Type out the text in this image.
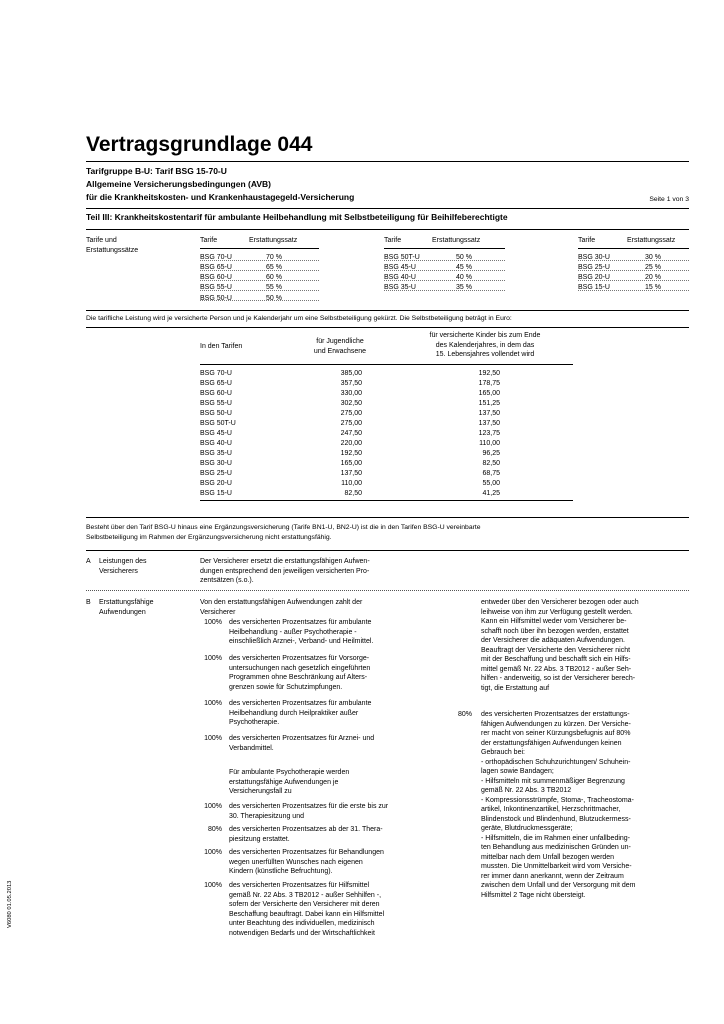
Vertragsgrundlage 044
Tarifgruppe B-U: Tarif BSG 15-70-U
Allgemeine Versicherungsbedingungen (AVB)
für die Krankheitskosten- und Krankenhaustagegeld-Versicherung	Seite 1 von 3
Teil III: Krankheitskostentarif für ambulante Heilbehandlung mit Selbstbeteiligung für Beihilfeberechtigte
Tarife und
Erstattungssätze
Tarife	Erstattungssatz	Tarife	Erstattungssatz	Tarife	Erstattungssatz
BSG 70-U	70 %
BSG 65-U	65 %
BSG 60-U	60 %
BSG 55-U	55 %
BSG 50-U	50 %
BSG 50T-U	50 %
BSG 45-U	45 %
BSG 40-U	40 %
BSG 35-U	35 %
BSG 30-U	30 %
BSG 25-U	25 %
BSG 20-U	20 %
BSG 15-U	15 %
Die tarifliche Leistung wird je versicherte Person und je Kalenderjahr um eine Selbstbeteiligung gekürzt. Die Selbstbeteiligung beträgt in Euro:
In den Tarifen
für Jugendliche
und Erwachsene
für versicherte Kinder bis zum Ende
des Kalenderjahres, in dem das
15. Lebensjahres vollendet wird
BSG 70-U	385,00	192,50
BSG 65-U	357,50	178,75
BSG 60-U	330,00	165,00
BSG 55-U	302,50	151,25
BSG 50-U	275,00	137,50
BSG 50T-U	275,00	137,50
BSG 45-U	247,50	123,75
BSG 40-U	220,00	110,00
BSG 35-U	192,50	96,25
BSG 30-U	165,00	82,50
BSG 25-U	137,50	68,75
BSG 20-U	110,00	55,00
BSG 15-U	82,50	41,25
Besteht über den Tarif BSG-U hinaus eine Ergänzungsversicherung (Tarife BN1-U, BN2-U) ist die in den Tarifen BSG-U vereinbarte
Selbstbeteiligung im Rahmen der Ergänzungsversicherung nicht erstattungsfähig.
A Leistungen des
Versicherers
Der Versicherer ersetzt die erstattungsfähigen Aufwen-
dungen entsprechend den jeweiligen versicherten Pro-
zentsätzen (s.o.).
B Erstattungsfähige
Aufwendungen
Von den erstattungsfähigen Aufwendungen zahlt der
Versicherer
100% des versicherten Prozentsatzes für ambulante
Heilbehandlung - außer Psychotherapie -
einschließlich Arznei-, Verband- und Heilmittel.
100% des versicherten Prozentsatzes für Vorsorge-
untersuchungen nach gesetzlich eingeführten
Programmen ohne Beschränkung auf Alters-
grenzen sowie für Schutzimpfungen.
100% des versicherten Prozentsatzes für ambulante
Heilbehandlung durch Heilpraktiker außer
Psychotherapie.
100% des versicherten Prozentsatzes für Arznei- und
Verbandmittel.
Für ambulante Psychotherapie werden
erstattungsfähige Aufwendungen je
Versicherungsfall zu
100% des versicherten Prozentsatzes für die erste bis zur
30. Therapiesitzung und
80% des versicherten Prozentsatzes ab der 31. Thera-
piesitzung erstattet.
100% des versicherten Prozentsatzes für Behandlungen
wegen unerfüllten Wunsches nach eigenen
Kindern (künstliche Befruchtung).
100% des versicherten Prozentsatzes für Hilfsmittel
gemäß Nr. 22 Abs. 3 TB2012 - außer Sehhilfen -,
sofern der Versicherte den Versicherer mit deren
Beschaffung beauftragt. Dabei kann ein Hilfsmittel
unter Beachtung des individuellen, medizinisch
notwendigen Bedarfs und der Wirtschaftlichkeit
entweder über den Versicherer bezogen oder auch
leihweise von ihm zur Verfügung gestellt werden.
Kann ein Hilfsmittel weder vom Versicherer be-
schafft noch über ihn bezogen werden, erstattet
der Versicherer die adäquaten Aufwendungen.
Beauftragt der Versicherte den Versicherer nicht
mit der Beschaffung und beschafft sich ein Hilfs-
mittel gemäß Nr. 22 Abs. 3 TB2012 - außer Seh-
hilfen - anderweitig, so ist der Versicherer berech-
tigt, die Erstattung auf
80% des versicherten Prozentsatzes der erstattungs-
fähigen Aufwendungen zu kürzen. Der Versiche-
rer macht von seiner Kürzungsbefugnis auf 80%
der erstattungsfähigen Aufwendungen keinen
Gebrauch bei:
- orthopädischen Schuhzurichtungen/ Schuhein-
lagen sowie Bandagen;
- Hilfsmitteln mit summenmäßiger Begrenzung
gemäß Nr. 22 Abs. 3 TB2012
- Kompressionsstrümpfe, Stoma-, Tracheostoma-
artikel, Inkontinenzartikel, Herzschrittmacher,
Blindenstock und Blindenhund, Blutzuckermess-
geräte, Blutdruckmessgeräte;
- Hilfsmitteln, die im Rahmen einer unfallbeding-
ten Behandlung aus medizinischen Gründen un-
mittelbar nach dem Unfall bezogen werden
mussten. Die Unmittelbarkeit wird vom Versiche-
rer immer dann anerkannt, wenn der Zeitraum
zwischen dem Unfall und der Versorgung mit dem
Hilfsmittel 2 Tage nicht übersteigt.
V6080 01.05.2013
